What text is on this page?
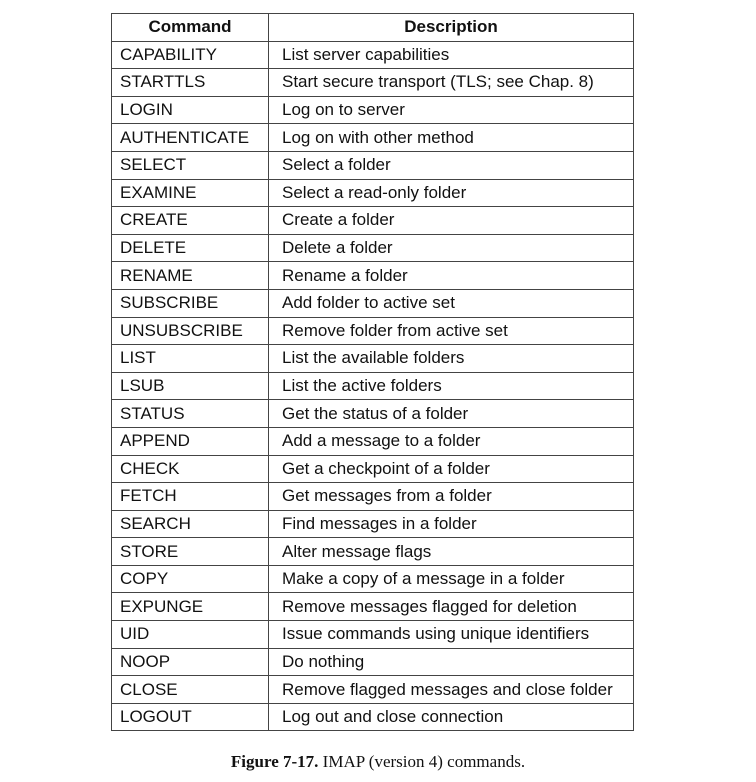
Command	Description
CAPABILITY	List server capabilities
STARTTLS	Start secure transport (TLS; see Chap. 8)
LOGIN	Log on to server
AUTHENTICATE	Log on with other method
SELECT	Select a folder
EXAMINE	Select a read-only folder
CREATE	Create a folder
DELETE	Delete a folder
RENAME	Rename a folder
SUBSCRIBE	Add folder to active set
UNSUBSCRIBE	Remove folder from active set
LIST	List the available folders
LSUB	List the active folders
STATUS	Get the status of a folder
APPEND	Add a message to a folder
CHECK	Get a checkpoint of a folder
FETCH	Get messages from a folder
SEARCH	Find messages in a folder
STORE	Alter message flags
COPY	Make a copy of a message in a folder
EXPUNGE	Remove messages flagged for deletion
UID	Issue commands using unique identifiers
NOOP	Do nothing
CLOSE	Remove flagged messages and close folder
LOGOUT	Log out and close connection
Figure 7-17. IMAP (version 4) commands.
